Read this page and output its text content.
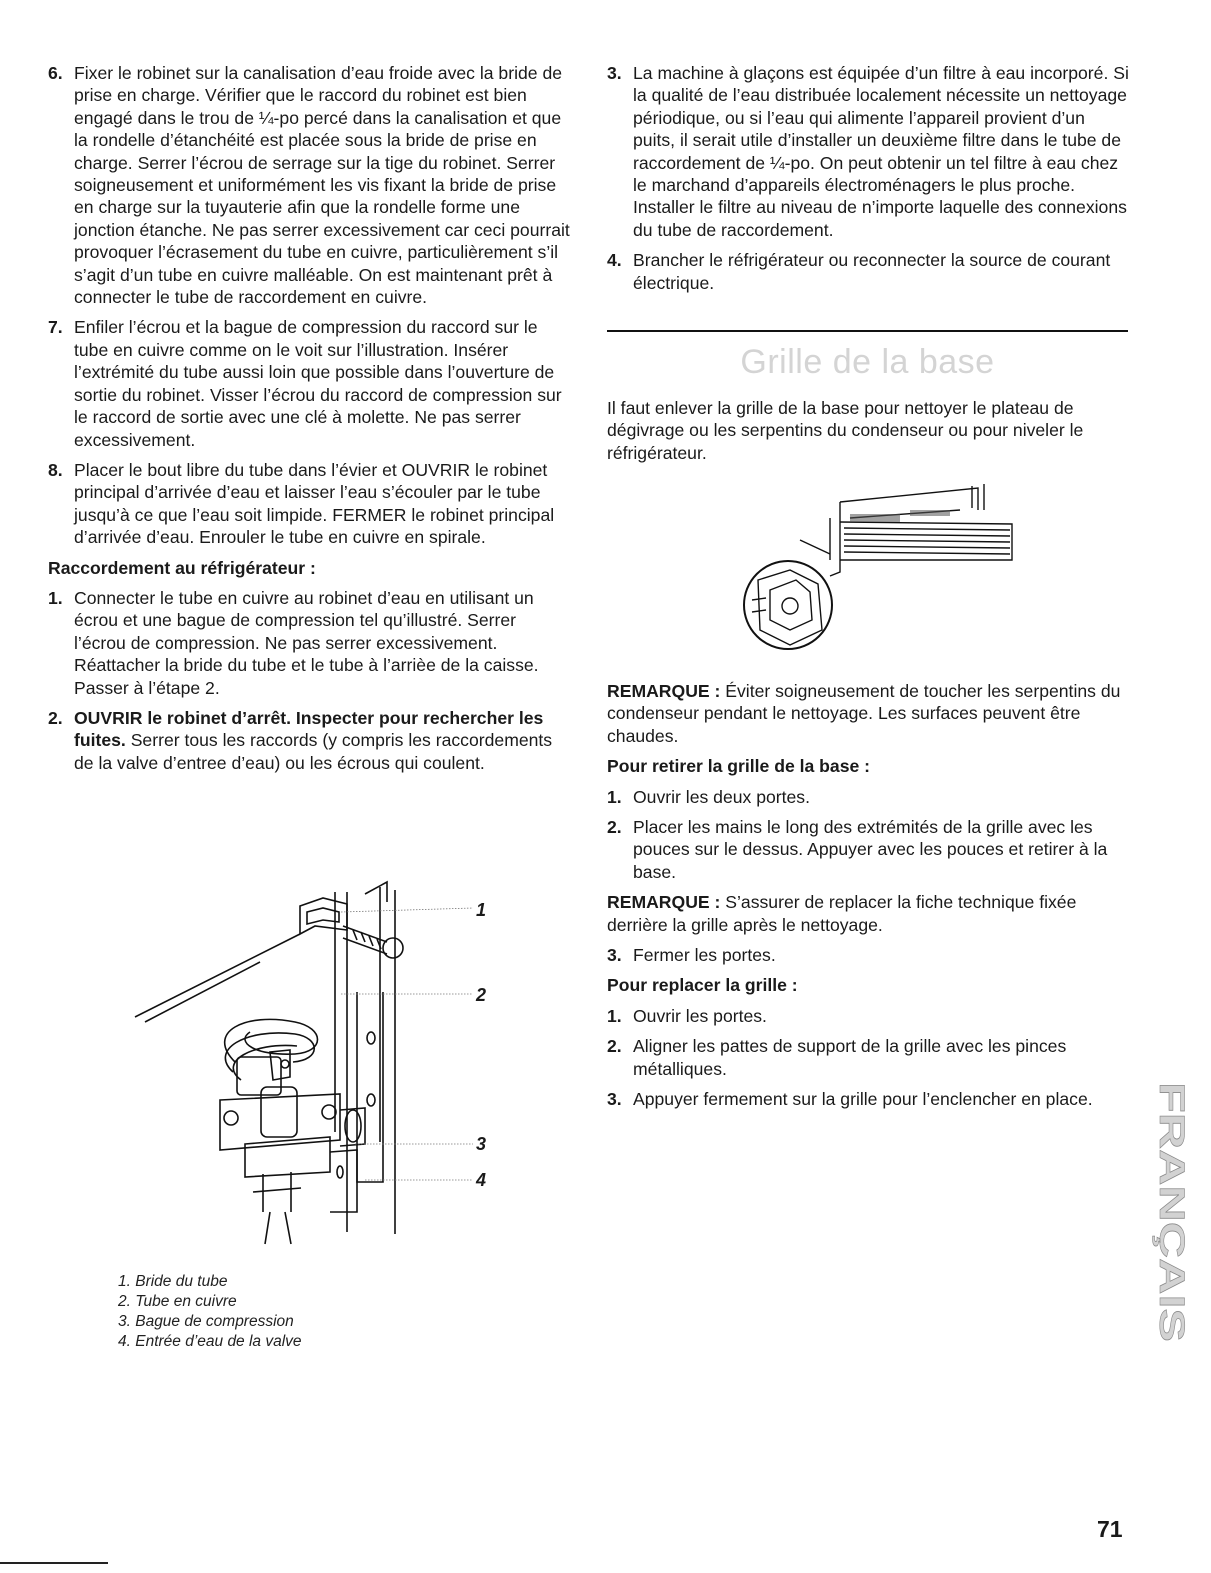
6. Fixer le robinet sur la canalisation d’eau froide avec la bride de prise en charge. Vérifier que le raccord du robinet est bien engagé dans le trou de ¼-po percé dans la canalisation et que la rondelle d’étanchéité est placée sous la bride de prise en charge. Serrer l’écrou de serrage sur la tige du robinet. Serrer soigneusement et uniformément les vis fixant la bride de prise en charge sur la tuyauterie afin que la rondelle forme une jonction étanche. Ne pas serrer excessivement car ceci pourrait provoquer l’écrasement du tube en cuivre, particulièrement s’il s’agit d’un tube en cuivre malléable. On est maintenant prêt à connecter le tube de raccordement en cuivre.
7. Enfiler l’écrou et la bague de compression du raccord sur le tube en cuivre comme on le voit sur l’illustration. Insérer l’extrémité du tube aussi loin que possible dans l’ouverture de sortie du robinet. Visser l’écrou du raccord de compression sur le raccord de sortie avec une clé à molette. Ne pas serrer excessivement.
8. Placer le bout libre du tube dans l’évier et OUVRIR le robinet principal d’arrivée d’eau et laisser l’eau s’écouler par le tube jusqu’à ce que l’eau soit limpide. FERMER le robinet principal d’arrivée d’eau. Enrouler le tube en cuivre en spirale.
Raccordement au réfrigérateur :
1. Connecter le tube en cuivre au robinet d’eau en utilisant un écrou et une bague de compression tel qu’illustré. Serrer l’écrou de compression. Ne pas serrer excessivement. Réattacher la bride du tube et le tube à l’arrièe de la caisse. Passer à l’étape 2.
2. OUVRIR le robinet d’arrêt. Inspecter pour rechercher les fuites. Serrer tous les raccords (y compris les raccordements de la valve d’entree d’eau) ou les écrous qui coulent.
1
2
3
4
1. Bride du tube
2. Tube en cuivre
3. Bague de compression
4. Entrée d’eau de la valve
3. La machine à glaçons est équipée d’un filtre à eau incorporé. Si la qualité de l’eau distribuée localement nécessite un nettoyage périodique, ou si l’eau qui alimente l’appareil provient d’un puits, il serait utile d’installer un deuxième filtre dans le tube de raccordement de ¼-po. On peut obtenir un tel filtre à eau chez le marchand d’appareils électroménagers le plus proche. Installer le filtre au niveau de n’importe laquelle des connexions du tube de raccordement.
4. Brancher le réfrigérateur ou reconnecter la source de courant électrique.
Grille de la base
Il faut enlever la grille de la base pour nettoyer le plateau de dégivrage ou les serpentins du condenseur ou pour niveler le réfrigérateur.
REMARQUE : Éviter soigneusement de toucher les serpentins du condenseur pendant le nettoyage. Les surfaces peuvent être chaudes.
Pour retirer la grille de la base :
1. Ouvrir les deux portes.
2. Placer les mains le long des extrémités de la grille avec les pouces sur le dessus. Appuyer avec les pouces et retirer à la base.
REMARQUE : S’assurer de replacer la fiche technique fixée derrière la grille après le nettoyage.
3. Fermer les portes.
Pour replacer la grille :
1. Ouvrir les portes.
2. Aligner les pattes de support de la grille avec les pinces métalliques.
3. Appuyer fermement sur la grille pour l’enclencher en place.	FRANÇAIS
71
